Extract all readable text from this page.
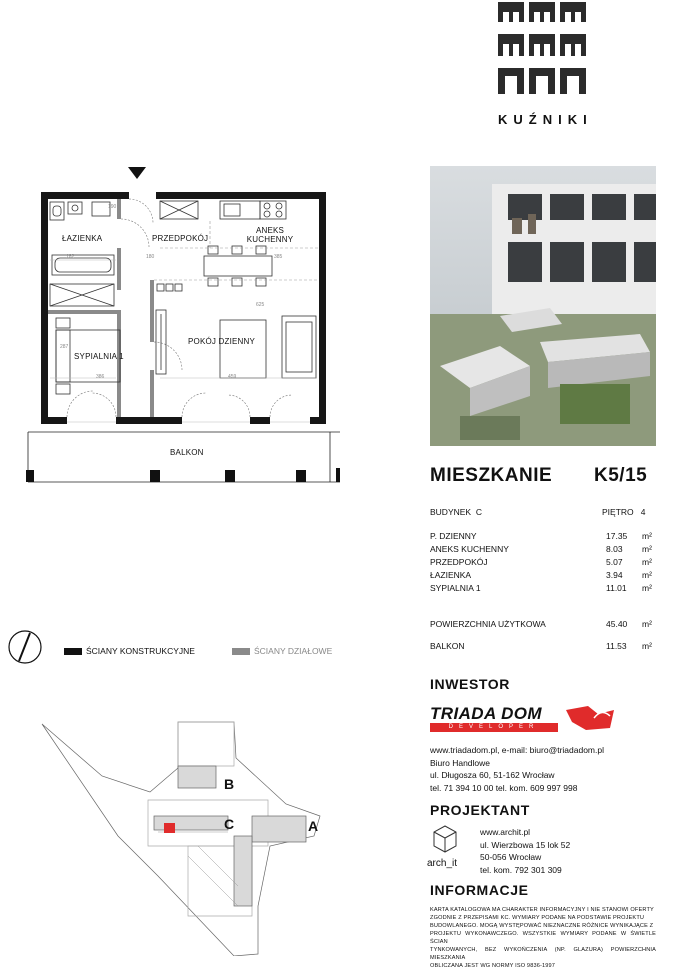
KUŹNIKI
ŁAZIENKA	PRZEDPOKÓJ
ANEKS
KUCHENNY
POKÓJ DZIENNY
SYPIALNIA 1
BALKON
190
180	385
182
287
625
386	459
MIESZKANIE K5/15
BUDYNEK C	PIĘTRO 4
P. DZIENNY	17.35 m²
ANEKS KUCHENNY	8.03 m²
PRZEDPOKÓJ	5.07 m²
ŁAZIENKA	3.94 m²
SYPIALNIA 1	11.01 m²
POWIERZCHNIA UŻYTKOWA	45.40 m²
BALKON	11.53 m²
ŚCIANY KONSTRUKCYJNE	ŚCIANY DZIAŁOWE
B
C	A
INWESTOR
TRIADA DOM
DEVELOPER
www.triadadom.pl, e-mail: biuro@triadadom.pl
Biuro Handlowe
ul. Długosza 60, 51-162 Wrocław
tel. 71 394 10 00 tel. kom. 609 997 998
PROJEKTANT
arch_it
www.archit.pl
ul. Wierzbowa 15 lok 52
50-056 Wrocław
tel. kom. 792 301 309
INFORMACJE
KARTA KATALOGOWA MA CHARAKTER INFORMACYJNY I NIE STANOWI OFERTY
ZGODNIE Z PRZEPISAMI KC. WYMIARY PODANE NA PODSTAWIE PROJEKTU
BUDOWLANEGO. MOGĄ WYSTĘPOWAĆ NIEZNACZNE RÓŻNICE WYNIKAJĄCE Z
PROJEKTU WYKONAWCZEGO. WSZYSTKIE WYMIARY PODANE W ŚWIETLE ŚCIAN
TYNKOWANYCH, BEZ WYKOŃCZENIA (NP. GLAZURA) POWIERZCHNIA MIESZKANIA
OBLICZANA JEST WG NORMY ISO 9836-1997
